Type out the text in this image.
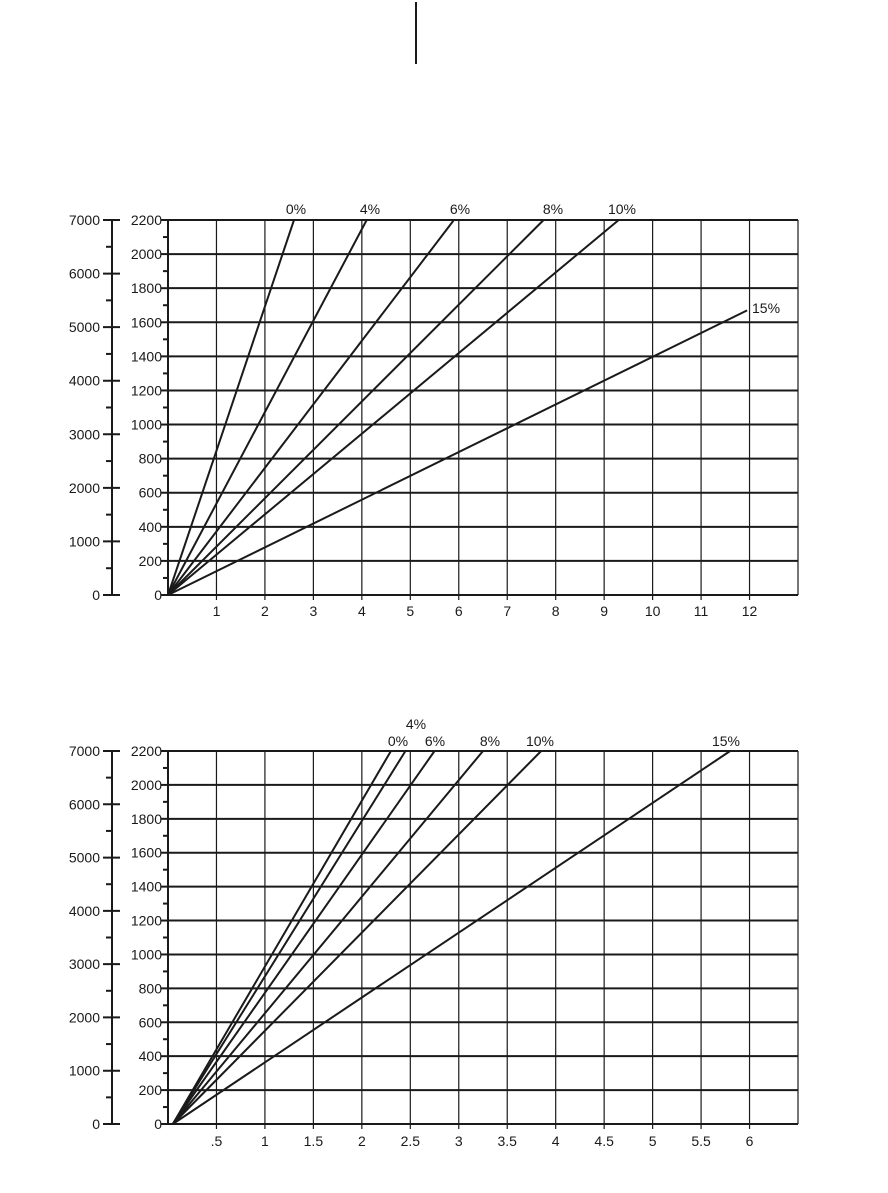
0
200
400
600
800
1000
1200
1400
1600
1800
2000
2200
1	2	3	4	5	6	7	8	9	10 11 12
0
1000
2000
3000
4000
5000
6000
7000
0%	4%	6%	8%	10%
15%
0
200
400
600
800
1000
1200
1400
1600
1800
2000
2200
.5	1 1.5 2 2.5 3 3.5 4 4.5 5 5.5 6
0
1000
2000
3000
4000
5000
6000
7000
0%
4%
6% 8% 10%	15%
